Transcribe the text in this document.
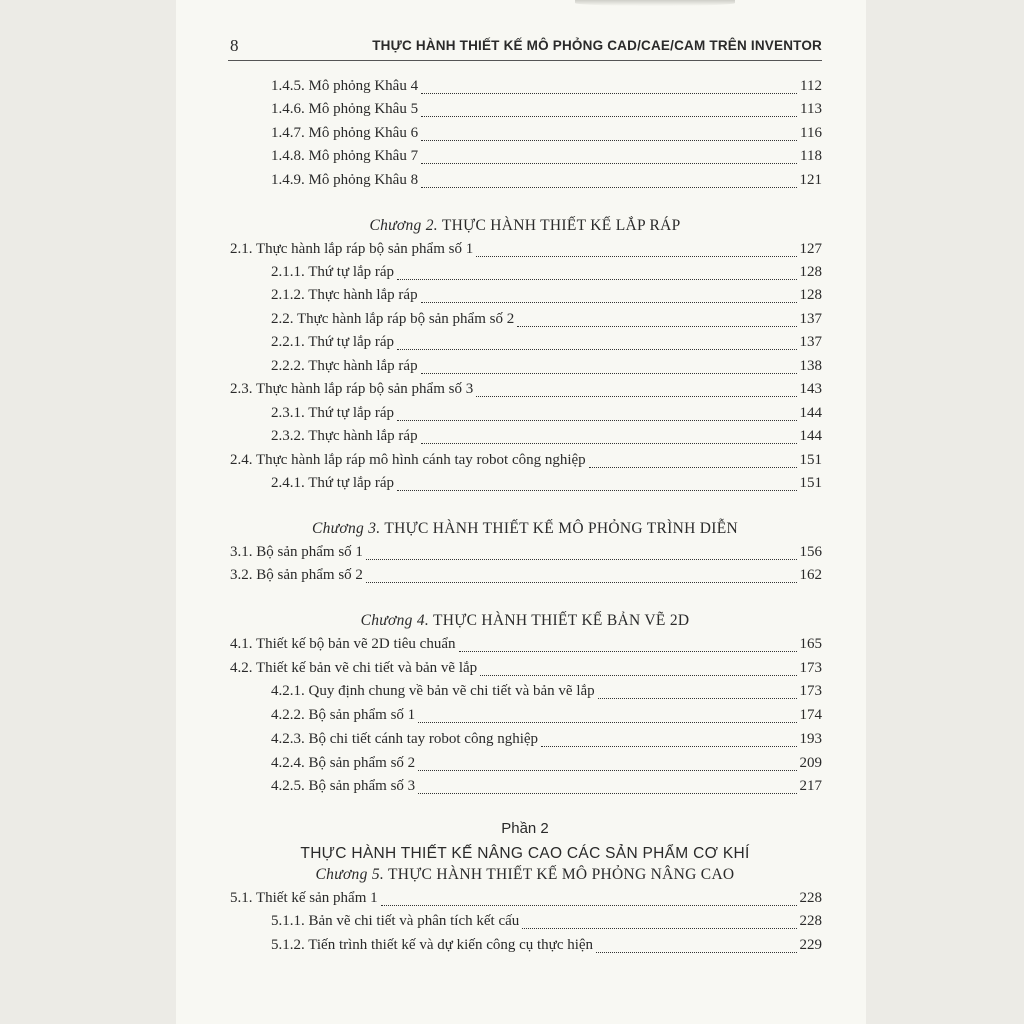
8	THỰC HÀNH THIẾT KẾ MÔ PHỎNG CAD/CAE/CAM TRÊN INVENTOR
1.4.5. Mô phỏng Khâu 4	112
1.4.6. Mô phỏng Khâu 5	113
1.4.7. Mô phỏng Khâu 6	116
1.4.8. Mô phỏng Khâu 7	118
1.4.9. Mô phỏng Khâu 8	121
Chương 2. THỰC HÀNH THIẾT KẾ LẮP RÁP
2.1. Thực hành lắp ráp bộ sản phẩm số 1	127
2.1.1. Thứ tự lắp ráp	128
2.1.2. Thực hành lắp ráp	128
2.2. Thực hành lắp ráp bộ sản phẩm số 2	137
2.2.1. Thứ tự lắp ráp	137
2.2.2. Thực hành lắp ráp	138
2.3. Thực hành lắp ráp bộ sản phẩm số 3	143
2.3.1. Thứ tự lắp ráp	144
2.3.2. Thực hành lắp ráp	144
2.4. Thực hành lắp ráp mô hình cánh tay robot công nghiệp	151
2.4.1. Thứ tự lắp ráp	151
Chương 3. THỰC HÀNH THIẾT KẾ MÔ PHỎNG TRÌNH DIỄN
3.1. Bộ sản phẩm số 1	156
3.2. Bộ sản phẩm số 2	162
Chương 4. THỰC HÀNH THIẾT KẾ BẢN VẼ 2D
4.1. Thiết kế bộ bản vẽ 2D tiêu chuẩn	165
4.2. Thiết kế bản vẽ chi tiết và bản vẽ lắp	173
4.2.1. Quy định chung về bản vẽ chi tiết và bản vẽ lắp	173
4.2.2. Bộ sản phẩm số 1	174
4.2.3. Bộ chi tiết cánh tay robot công nghiệp	193
4.2.4. Bộ sản phẩm số 2	209
4.2.5. Bộ sản phẩm số 3	217
Phần 2
THỰC HÀNH THIẾT KẾ NÂNG CAO CÁC SẢN PHẨM CƠ KHÍ
Chương 5. THỰC HÀNH THIẾT KẾ MÔ PHỎNG NÂNG CAO
5.1. Thiết kế sản phẩm 1	228
5.1.1. Bản vẽ chi tiết và phân tích kết cấu	228
5.1.2. Tiến trình thiết kế và dự kiến công cụ thực hiện	229
